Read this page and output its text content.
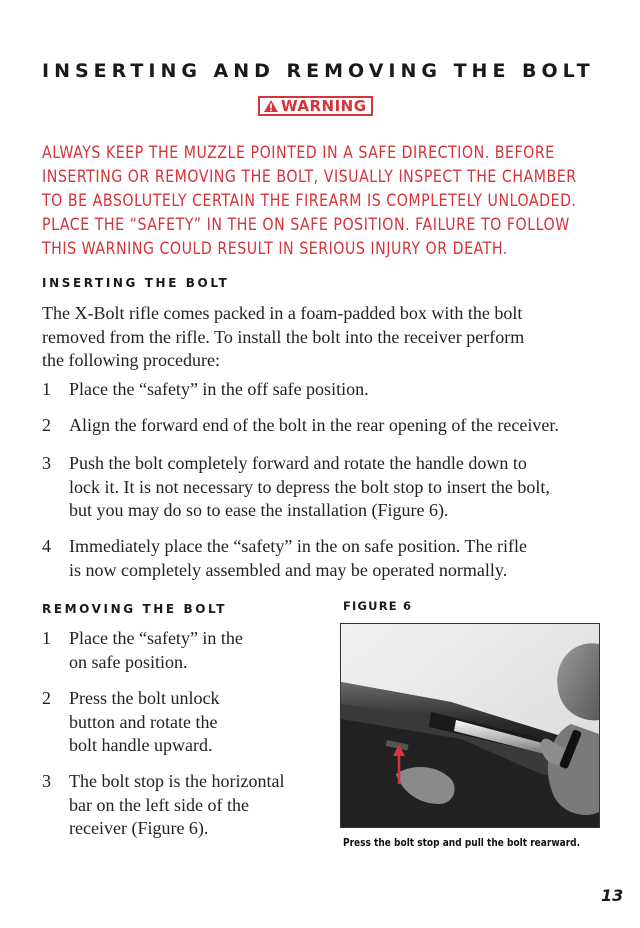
INSERTING AND REMOVING THE BOLT
WARNING

ALWAYS KEEP THE MUZZLE POINTED IN A SAFE DIRECTION. BEFORE
INSERTING OR REMOVING THE BOLT, VISUALLY INSPECT THE CHAMBER
TO BE ABSOLUTELY CERTAIN THE FIREARM IS COMPLETELY UNLOADED.
PLACE THE “SAFETY” IN THE ON SAFE POSITION. FAILURE TO FOLLOW
THIS WARNING COULD RESULT IN SERIOUS INJURY OR DEATH.

INSERTING THE BOLT
The X-Bolt rifle comes packed in a foam-padded box with the bolt
removed from the rifle. To install the bolt into the receiver perform
the following procedure:
1 Place the “safety” in the off safe position.
2 Align the forward end of the bolt in the rear opening of the receiver.
3 Push the bolt completely forward and rotate the handle down to
lock it. It is not necessary to depress the bolt stop to insert the bolt,
but you may do so to ease the installation (Figure 6).
4 Immediately place the “safety” in the on safe position. The rifle
is now completely assembled and may be operated normally.
REMOVING THE BOLT
1 Place the “safety” in the
on safe position.
2 Press the bolt unlock
button and rotate the
bolt handle upward.
3 The bolt stop is the horizontal
bar on the left side of the
receiver (Figure 6).
FIGURE 6
Press the bolt stop and pull the bolt rearward.
13
